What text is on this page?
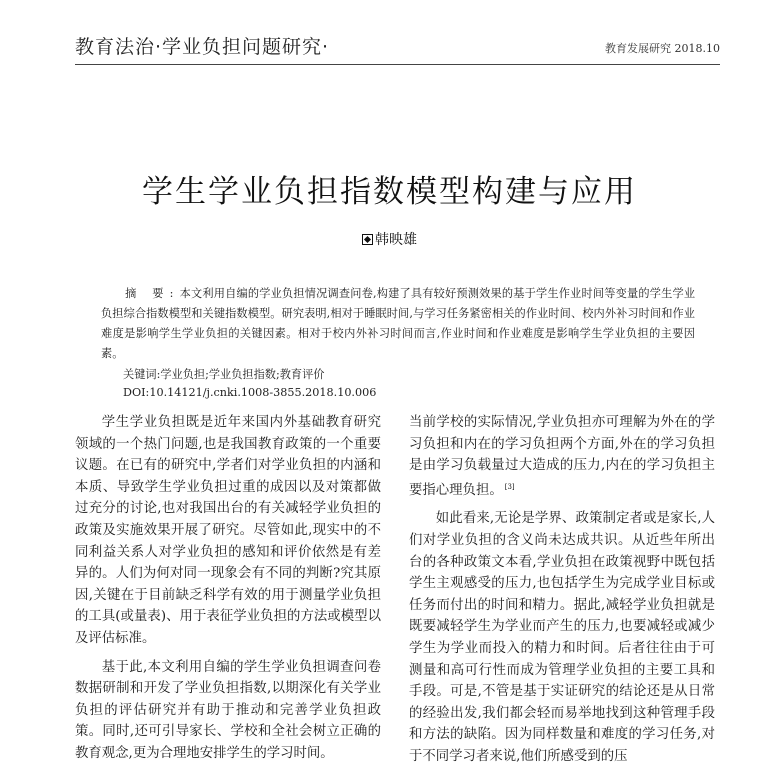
教育法治·学业负担问题研究·	教育发展研究 2018.10
学生学业负担指数模型构建与应用
韩映雄
摘 要:本文利用自编的学业负担情况调查问卷,构建了具有较好预测效果的基于学生作业时间等变量的学生学业负担综合指数模型和关键指数模型。研究表明,相对于睡眠时间,与学习任务紧密相关的作业时间、校内外补习时间和作业难度是影响学生学业负担的关键因素。相对于校内外补习时间而言,作业时间和作业难度是影响学生学业负担的主要因素。
关键词:学业负担;学业负担指数;教育评价
DOI:10.14121/j.cnki.1008-3855.2018.10.006

学生学业负担既是近年来国内外基础教育研究领域的一个热门问题,也是我国教育政策的一个重要议题。在已有的研究中,学者们对学业负担的内涵和本质、导致学生学业负担过重的成因以及对策都做过充分的讨论,也对我国出台的有关减轻学业负担的政策及实施效果开展了研究。尽管如此,现实中的不同利益关系人对学业负担的感知和评价依然是有差异的。人们为何对同一现象会有不同的判断?究其原因,关键在于目前缺乏科学有效的用于测量学业负担的工具(或量表)、用于表征学业负担的方法或模型以及评估标准。

基于此,本文利用自编的学生学业负担调查问卷数据研制和开发了学业负担指数,以期深化有关学业负担的评估研究并有助于推动和完善学业负担政策。同时,还可引导家长、学校和全社会树立正确的教育观念,更为合理地安排学生的学习时间。

当前学校的实际情况,学业负担亦可理解为外在的学习负担和内在的学习负担两个方面,外在的学习负担是由学习负载量过大造成的压力,内在的学习负担主要指心理负担。 [3]

如此看来,无论是学界、政策制定者或是家长,人们对学业负担的含义尚未达成共识。从近些年所出台的各种政策文本看,学业负担在政策视野中既包括学生主观感受的压力,也包括学生为完成学业目标或任务而付出的时间和精力。据此,减轻学业负担就是既要减轻学生为学业而产生的压力,也要减轻或减少学生为学业而投入的精力和时间。后者往往由于可测量和高可行性而成为管理学业负担的主要工具和手段。可是,不管是基于实证研究的结论还是从日常的经验出发,我们都会轻而易举地找到这种管理手段和方法的缺陷。因为同样数量和难度的学习任务,对于不同学习者来说,他们所感受到的压
